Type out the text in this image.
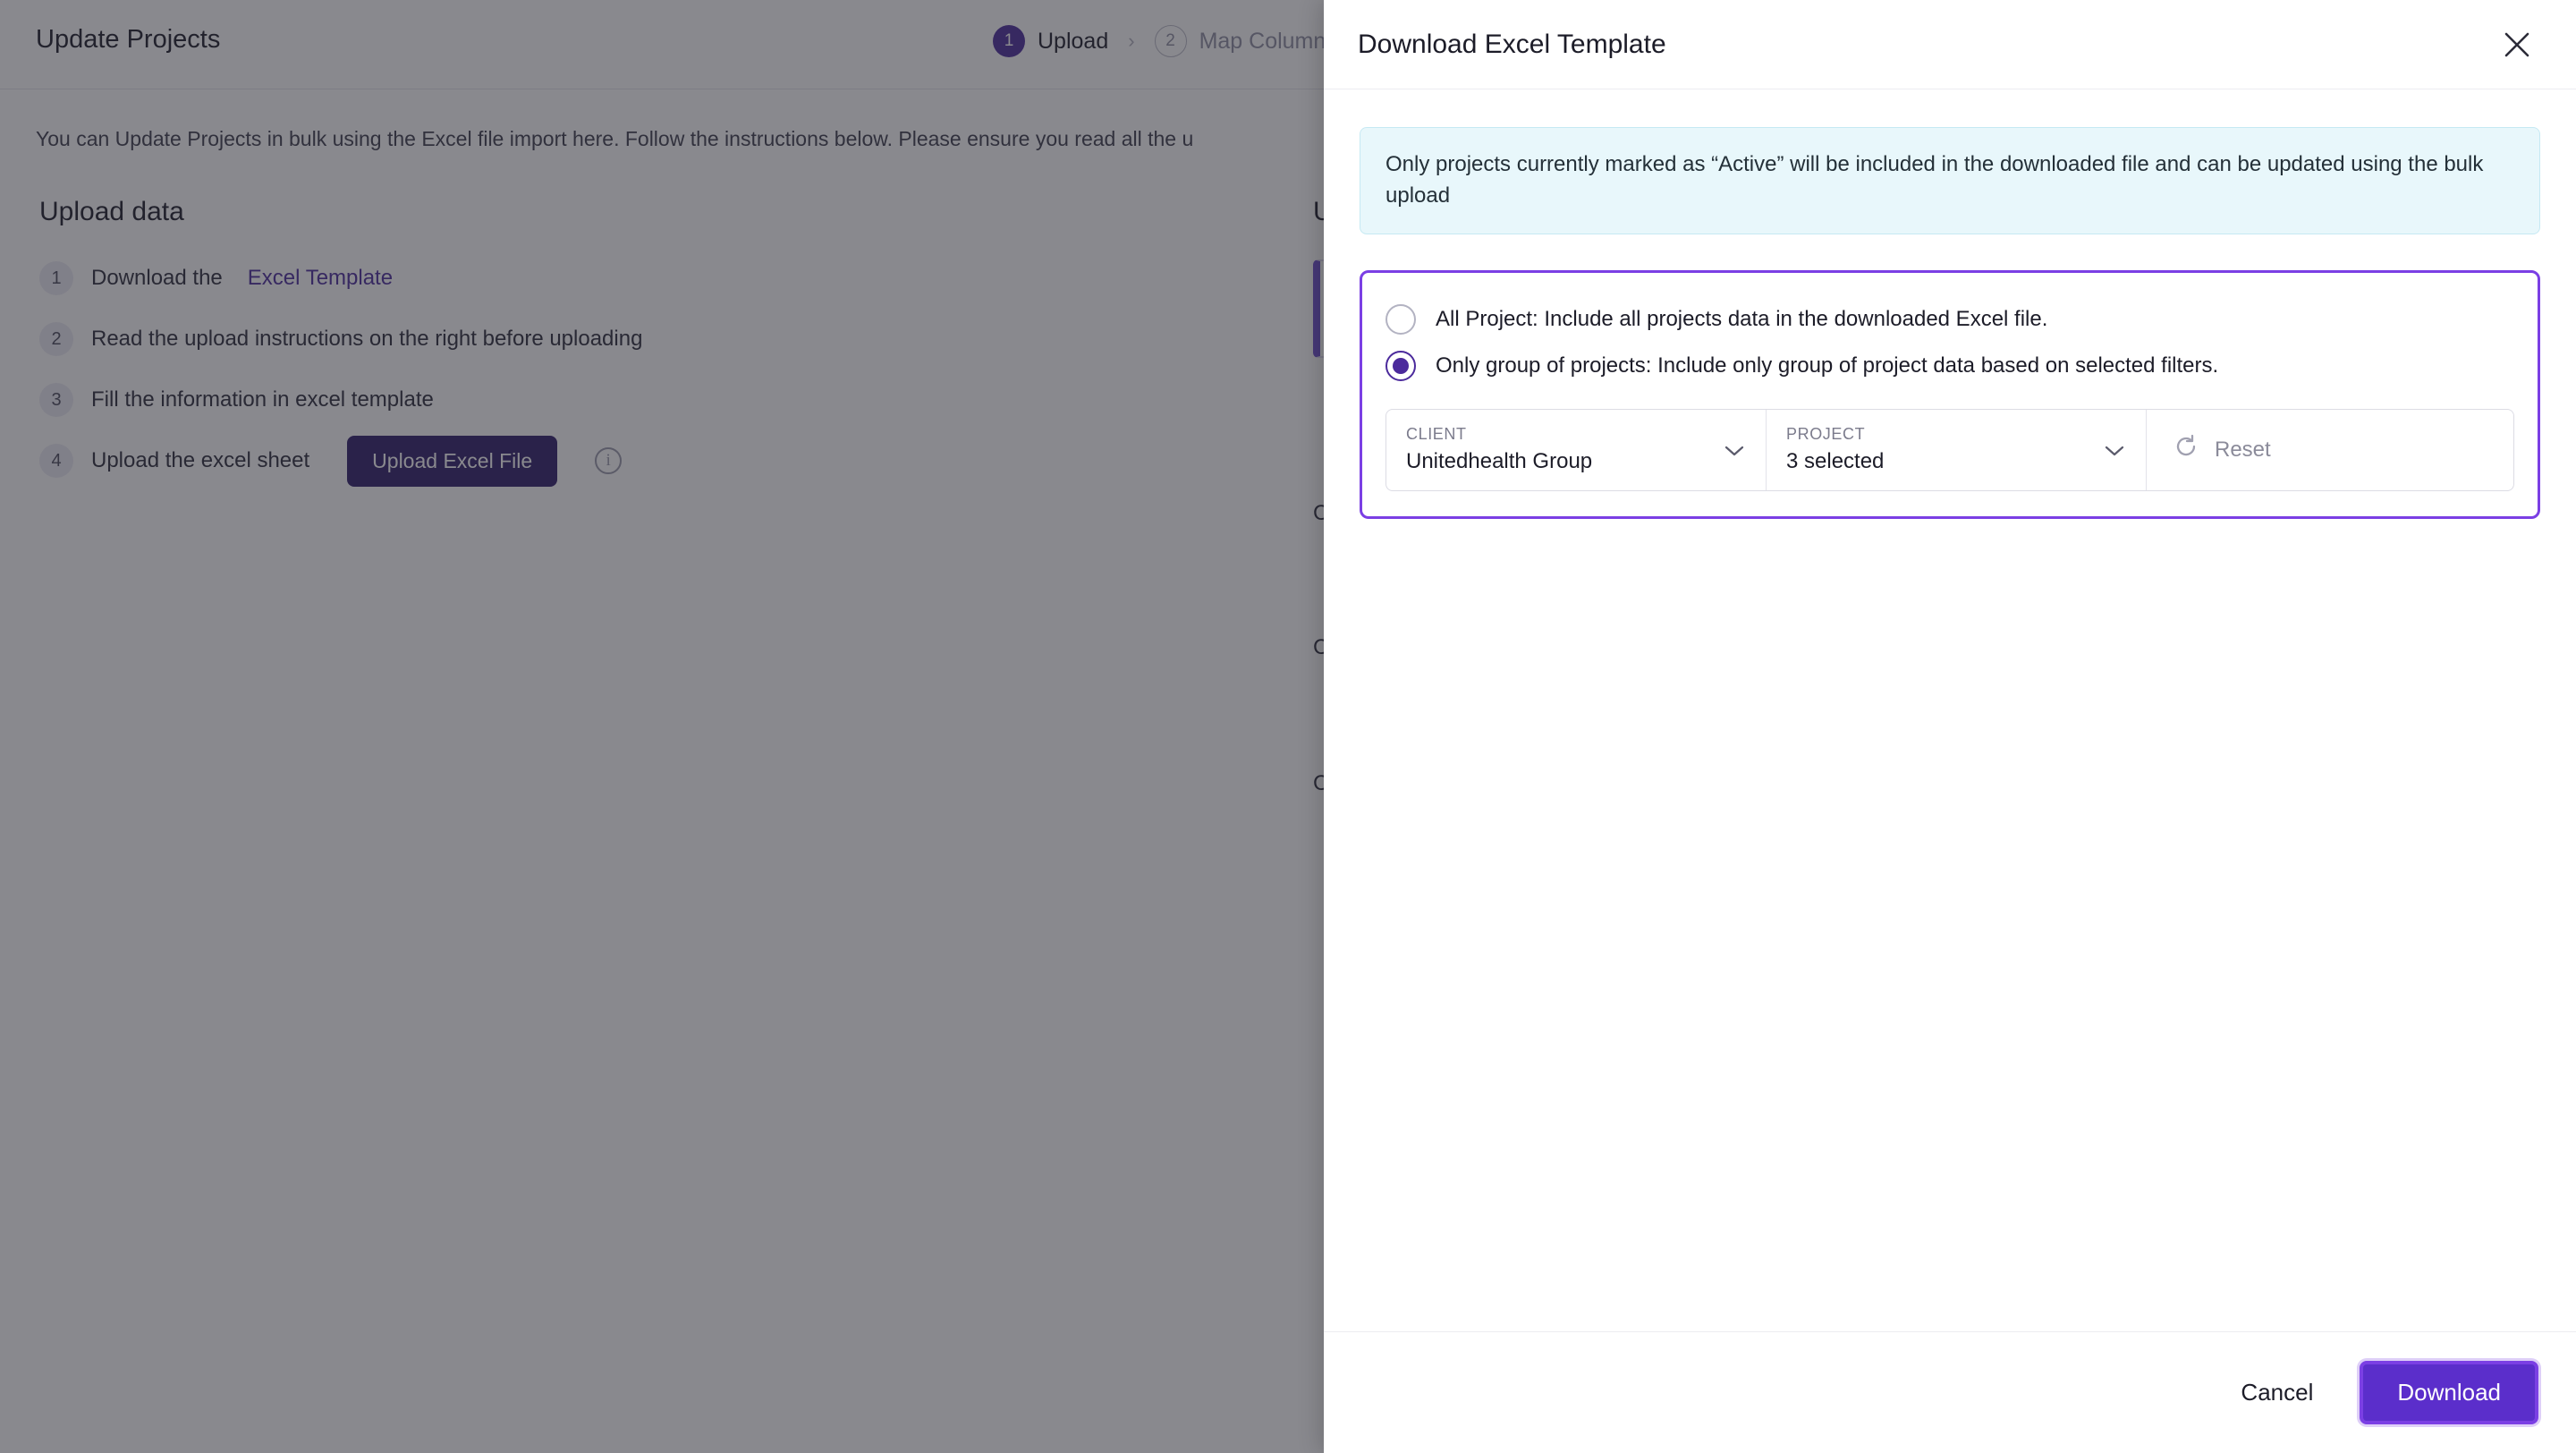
Download Excel Template
Only projects currently marked as “Active” will be included in the downloaded file and can be updated using the bulk upload
All Project: Include all projects data in the downloaded Excel file.
Only group of projects: Include only group of project data based on selected filters.
CLIENT
Unitedhealth Group
PROJECT
3 selected	Reset
Cancel	Download
